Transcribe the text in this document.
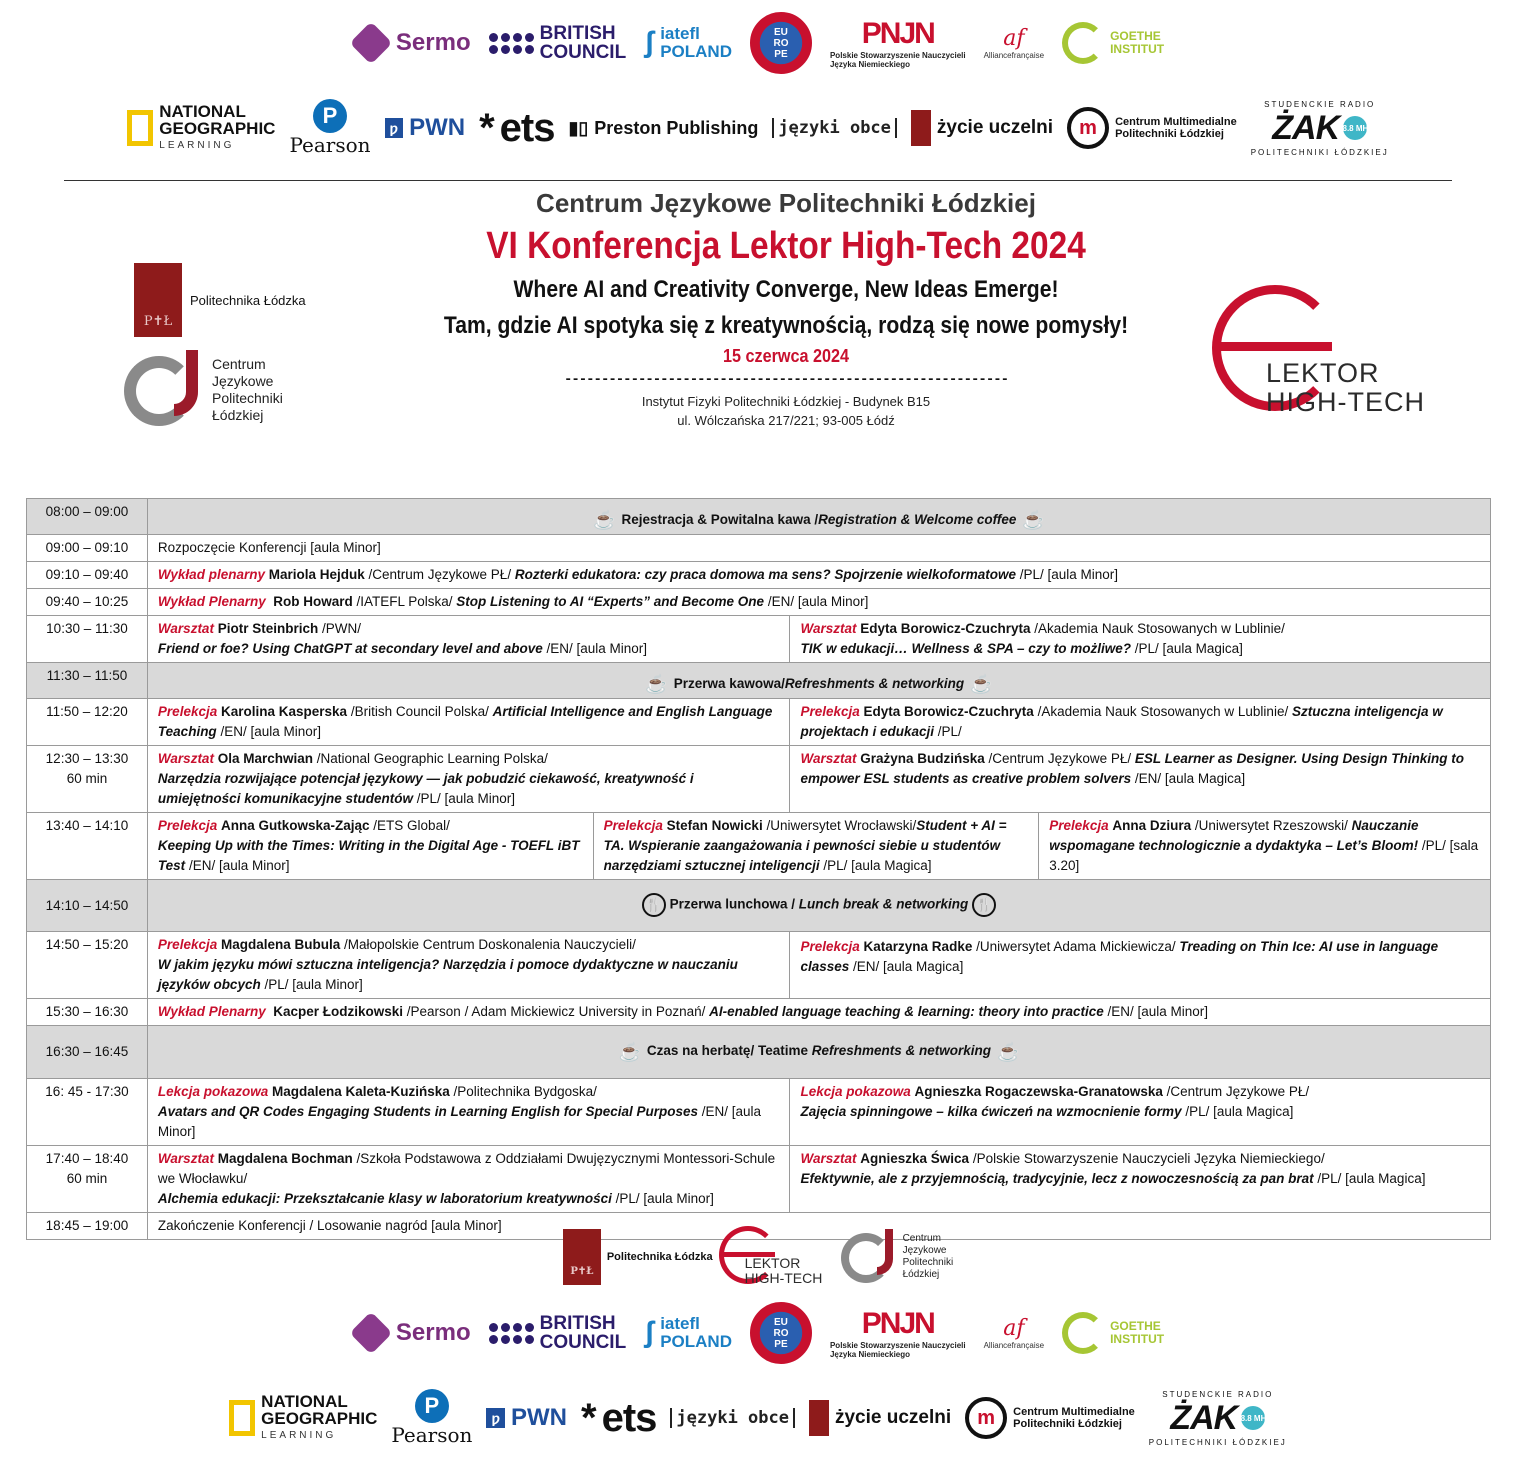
Sermo	BRITISH
COUNCIL ʃ iatefl
POLAND
EU
RO
PE
PNJN
Polskie Stowarzyszenie Nauczycieli
Języka Niemieckiego
af
Alliancefrançaise
GOETHE
INSTITUT
NATIONAL
GEOGRAPHIC
LEARNING
P
Pearson
ƿ PWN * ets ▮▯ Preston Publishing	języki obce	życie uczelni	m	Centrum Multimedialne
Politechniki Łódzkiej
STUDENCKIE RADIO
ŻAK
88.8 MHz
POLITECHNIKI ŁÓDZKIEJ
P✝Ł
Politechnika Łódzka
Centrum
Językowe
Politechniki
Łódzkiej
LEKTOR
HIGH-TECH
Centrum Językowe Politechniki Łódzkiej
VI Konferencja Lektor High-Tech 2024
Where AI and Creativity Converge, New Ideas Emerge!
Tam, gdzie AI spotyka się z kreatywnością, rodzą się nowe pomysły!
15 czerwca 2024
------------------------------------------------------------
Instytut Fizyki Politechniki Łódzkiej - Budynek B15
ul. Wólczańska 217/221; 93-005 Łódź
08:00 – 09:00	☕ Rejestracja & Powitalna kawa /Registration & Welcome coffee ☕			
09:00 – 09:10	Rozpoczęcie Konferencji [aula Minor]			
09:10 – 09:40	Wykład plenarny Mariola Hejduk /Centrum Językowe PŁ/ Rozterki edukatora: czy praca domowa ma sens? Spojrzenie wielkoformatowe /PL/ [aula Minor]			
09:40 – 10:25	Wykład Plenarny Rob Howard /IATEFL Polska/ Stop Listening to AI “Experts” and Become One /EN/ [aula Minor]			
10:30 – 11:30	Warsztat Piotr Steinbrich /PWN/
Friend or foe? Using ChatGPT at secondary level and above /EN/ [aula Minor]		Warsztat Edyta Borowicz-Czuchryta /Akademia Nauk Stosowanych w Lublinie/
TIK w edukacji… Wellness & SPA – czy to możliwe? /PL/ [aula Magica]	

11:30 – 11:50	☕ Przerwa kawowa/Refreshments & networking ☕			
11:50 – 12:20	Prelekcja Karolina Kasperska /British Council Polska/ Artificial Intelligence and English Language Teaching /EN/ [aula Minor]		Prelekcja Edyta Borowicz-Czuchryta /Akademia Nauk Stosowanych w Lublinie/ Sztuczna inteligencja w projektach i edukacji /PL/	

12:30 – 13:30
60 min	Warsztat Ola Marchwian /National Geographic Learning Polska/
Narzędzia rozwijające potencjał językowy — jak pobudzić ciekawość, kreatywność i umiejętności komunikacyjne studentów /PL/ [aula Minor]		Warsztat Grażyna Budzińska /Centrum Językowe PŁ/ ESL Learner as Designer. Using Design Thinking to empower ESL students as creative problem solvers /EN/ [aula Magica]	
13:40 – 14:10	Prelekcja Anna Gutkowska-Zając /ETS Global/
Keeping Up with the Times: Writing in the Digital Age - TOEFL iBT Test /EN/ [aula Minor]	Prelekcja Stefan Nowicki /Uniwersytet Wrocławski/Student + AI = TA. Wspieranie zaangażowania i pewności siebie u studentów narzędziami sztucznej inteligencji /PL/ [aula Magica]		Prelekcja Anna Dziura /Uniwersytet Rzeszowski/ Nauczanie wspomagane technologicznie a dydaktyka – Let’s Bloom! /PL/ [sala 3.20]
14:10 – 14:50	🍴 Przerwa lunchowa / Lunch break & networking 🍴			
14:50 – 15:20	Prelekcja Magdalena Bubula /Małopolskie Centrum Doskonalenia Nauczycieli/
W jakim języku mówi sztuczna inteligencja? Narzędzia i pomoce dydaktyczne w nauczaniu języków obcych /PL/ [aula Minor]		Prelekcja Katarzyna Radke /Uniwersytet Adama Mickiewicza/ Treading on Thin Ice: AI use in language classes /EN/ [aula Magica]	
15:30 – 16:30	Wykład Plenarny Kacper Łodzikowski /Pearson / Adam Mickiewicz University in Poznań/ AI-enabled language teaching & learning: theory into practice /EN/ [aula Minor]			
16:30 – 16:45	☕ Czas na herbatę/ Teatime Refreshments & networking ☕			
16: 45 - 17:30	Lekcja pokazowa Magdalena Kaleta-Kuzińska /Politechnika Bydgoska/
Avatars and QR Codes Engaging Students in Learning English for Special Purposes /EN/ [aula Minor]		Lekcja pokazowa Agnieszka Rogaczewska-Granatowska /Centrum Językowe PŁ/
Zajęcia spinningowe – kilka ćwiczeń na wzmocnienie formy /PL/ [aula Magica]	

17:40 – 18:40
60 min	Warsztat Magdalena Bochman /Szkoła Podstawowa z Oddziałami Dwujęzycznymi Montessori-Schule we Włocławku/
Alchemia edukacji: Przekształcanie klasy w laboratorium kreatywności /PL/ [aula Minor]		Warsztat Agnieszka Świca /Polskie Stowarzyszenie Nauczycieli Języka Niemieckiego/
Efektywnie, ale z przyjemnością, tradycyjnie, lecz z nowoczesnością za pan brat /PL/ [aula Magica]	

18:45 – 19:00	Zakończenie Konferencji / Losowanie nagród [aula Minor]			
P✝Ł
Politechnika Łódzka LEKTOR
HIGH-TECH
Centrum
Językowe
Politechniki
Łódzkiej
Sermo	BRITISH
COUNCIL ʃ iatefl
POLAND
EU
RO
PE
PNJN
Polskie Stowarzyszenie Nauczycieli
Języka Niemieckiego
af
Alliancefrançaise
GOETHE
INSTITUT
NATIONAL
GEOGRAPHIC
LEARNING
P
Pearson
ƿ PWN * ets	języki obce	życie uczelni	m	Centrum Multimedialne
Politechniki Łódzkiej
STUDENCKIE RADIO
ŻAK
88.8 MHz
POLITECHNIKI ŁÓDZKIEJ
